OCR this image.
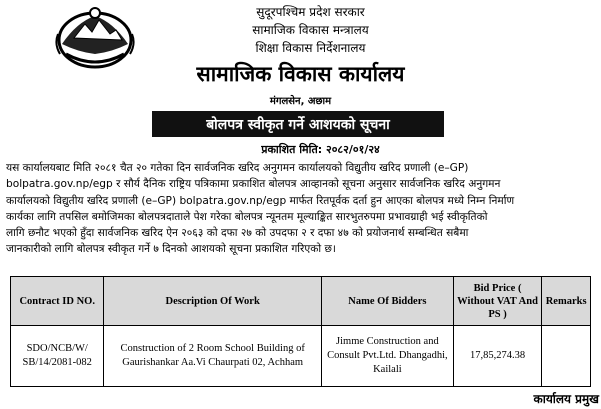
सुदूरपश्चिम प्रदेश सरकार
सामाजिक विकास मन्त्रालय
शिक्षा विकास निर्देशनालय
सामाजिक विकास कार्यालय
मंगलसेन, अछाम
बोलपत्र स्वीकृत गर्ने आशयको सूचना
प्रकाशित मिति: २०८२/०१/२४
यस कार्यालयबाट मिति २०८१ चैत २० गतेका दिन सार्वजनिक खरिद अनुगमन कार्यालयको विद्युतीय खरिद प्रणाली (e–GP)
bolpatra.gov.np/egp र सौर्य दैनिक राष्ट्रिय पत्रिकामा प्रकाशित बोलपत्र आव्हानको सूचना अनुसार सार्वजनिक खरिद अनुगमन
कार्यालयको विद्युतीय खरिद प्रणाली (e–GP) bolpatra.gov.np/egp मार्फत रितपूर्वक दर्ता हुन आएका बोलपत्र मध्ये निम्न निर्माण
कार्यका लागि तपसिल बमोजिमका बोलपत्रदाताले पेश गरेका बोलपत्र न्यूनतम मूल्याङ्कित सारभुतरुपमा प्रभावग्राही भई स्वीकृतिको
लागि छनौट भएको हुँदा सार्वजनिक खरिद ऐन २०६३ को दफा २७ को उपदफा २ र दफा ४७ को प्रयोजनार्थ सम्बन्धित सबैमा
जानकारीको लागि बोलपत्र स्वीकृत गर्ने ७ दिनको आशयको सूचना प्रकाशित गरिएको छ।
Contract ID NO.	Description Of Work	Name Of Bidders	Bid Price ( Without VAT And PS )	Remarks
SDO/NCB/W/ SB/14/2081-082	Construction of 2 Room School Building of Gaurishankar Aa.Vi Chaurpati 02, Achham	Jimme Construction and Consult Pvt.Ltd. Dhangadhi, Kailali	17,85,274.38	
कार्यालय प्रमुख
